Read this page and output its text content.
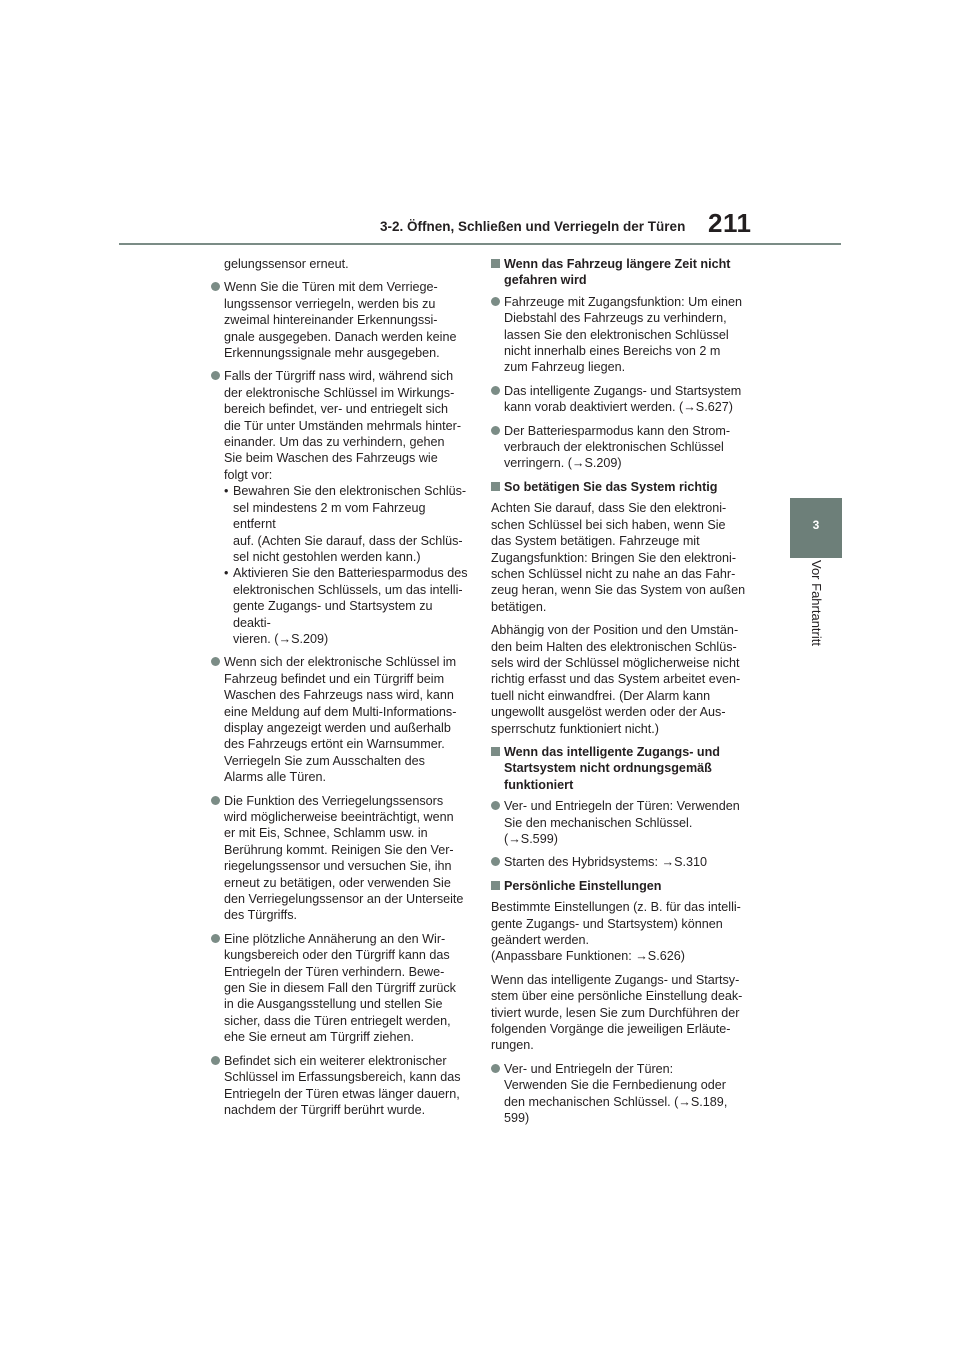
3-2. Öffnen, Schließen und Verriegeln der Türen 211
3
Vor Fahrtantritt
gelungssensor erneut.
Wenn Sie die Türen mit dem Verriege-
lungssensor verriegeln, werden bis zu
zweimal hintereinander Erkennungssi-
gnale ausgegeben. Danach werden keine
Erkennungssignale mehr ausgegeben.
Falls der Türgriff nass wird, während sich
der elektronische Schlüssel im Wirkungs-
bereich befindet, ver- und entriegelt sich
die Tür unter Umständen mehrmals hinter-
einander. Um das zu verhindern, gehen
Sie beim Waschen des Fahrzeugs wie
folgt vor:
• Bewahren Sie den elektronischen Schlüs-
sel mindestens 2 m vom Fahrzeug entfernt
auf. (Achten Sie darauf, dass der Schlüs-
sel nicht gestohlen werden kann.)
• Aktivieren Sie den Batteriesparmodus des
elektronischen Schlüssels, um das intelli-
gente Zugangs- und Startsystem zu deakti-
vieren. (→S.209)
Wenn sich der elektronische Schlüssel im
Fahrzeug befindet und ein Türgriff beim
Waschen des Fahrzeugs nass wird, kann
eine Meldung auf dem Multi-Informations-
display angezeigt werden und außerhalb
des Fahrzeugs ertönt ein Warnsummer.
Verriegeln Sie zum Ausschalten des
Alarms alle Türen.
Die Funktion des Verriegelungssensors
wird möglicherweise beeinträchtigt, wenn
er mit Eis, Schnee, Schlamm usw. in
Berührung kommt. Reinigen Sie den Ver-
riegelungssensor und versuchen Sie, ihn
erneut zu betätigen, oder verwenden Sie
den Verriegelungssensor an der Unterseite
des Türgriffs.
Eine plötzliche Annäherung an den Wir-
kungsbereich oder den Türgriff kann das
Entriegeln der Türen verhindern. Bewe-
gen Sie in diesem Fall den Türgriff zurück
in die Ausgangsstellung und stellen Sie
sicher, dass die Türen entriegelt werden,
ehe Sie erneut am Türgriff ziehen.
Befindet sich ein weiterer elektronischer
Schlüssel im Erfassungsbereich, kann das
Entriegeln der Türen etwas länger dauern,
nachdem der Türgriff berührt wurde.
Wenn das Fahrzeug längere Zeit nicht
gefahren wird
Fahrzeuge mit Zugangsfunktion: Um einen
Diebstahl des Fahrzeugs zu verhindern,
lassen Sie den elektronischen Schlüssel
nicht innerhalb eines Bereichs von 2 m
zum Fahrzeug liegen.
Das intelligente Zugangs- und Startsystem
kann vorab deaktiviert werden. (→S.627)
Der Batteriesparmodus kann den Strom-
verbrauch der elektronischen Schlüssel
verringern. (→S.209)
So betätigen Sie das System richtig
Achten Sie darauf, dass Sie den elektroni-
schen Schlüssel bei sich haben, wenn Sie
das System betätigen. Fahrzeuge mit
Zugangsfunktion: Bringen Sie den elektroni-
schen Schlüssel nicht zu nahe an das Fahr-
zeug heran, wenn Sie das System von außen
betätigen.
Abhängig von der Position und den Umstän-
den beim Halten des elektronischen Schlüs-
sels wird der Schlüssel möglicherweise nicht
richtig erfasst und das System arbeitet even-
tuell nicht einwandfrei. (Der Alarm kann
ungewollt ausgelöst werden oder der Aus-
sperrschutz funktioniert nicht.)
Wenn das intelligente Zugangs- und
Startsystem nicht ordnungsgemäß
funktioniert
Ver- und Entriegeln der Türen: Verwenden
Sie den mechanischen Schlüssel.
(→S.599)
Starten des Hybridsystems: →S.310
Persönliche Einstellungen
Bestimmte Einstellungen (z. B. für das intelli-
gente Zugangs- und Startsystem) können
geändert werden.
(Anpassbare Funktionen: →S.626)
Wenn das intelligente Zugangs- und Startsy-
stem über eine persönliche Einstellung deak-
tiviert wurde, lesen Sie zum Durchführen der
folgenden Vorgänge die jeweiligen Erläute-
rungen.
Ver- und Entriegeln der Türen:
Verwenden Sie die Fernbedienung oder
den mechanischen Schlüssel. (→S.189,
599)
